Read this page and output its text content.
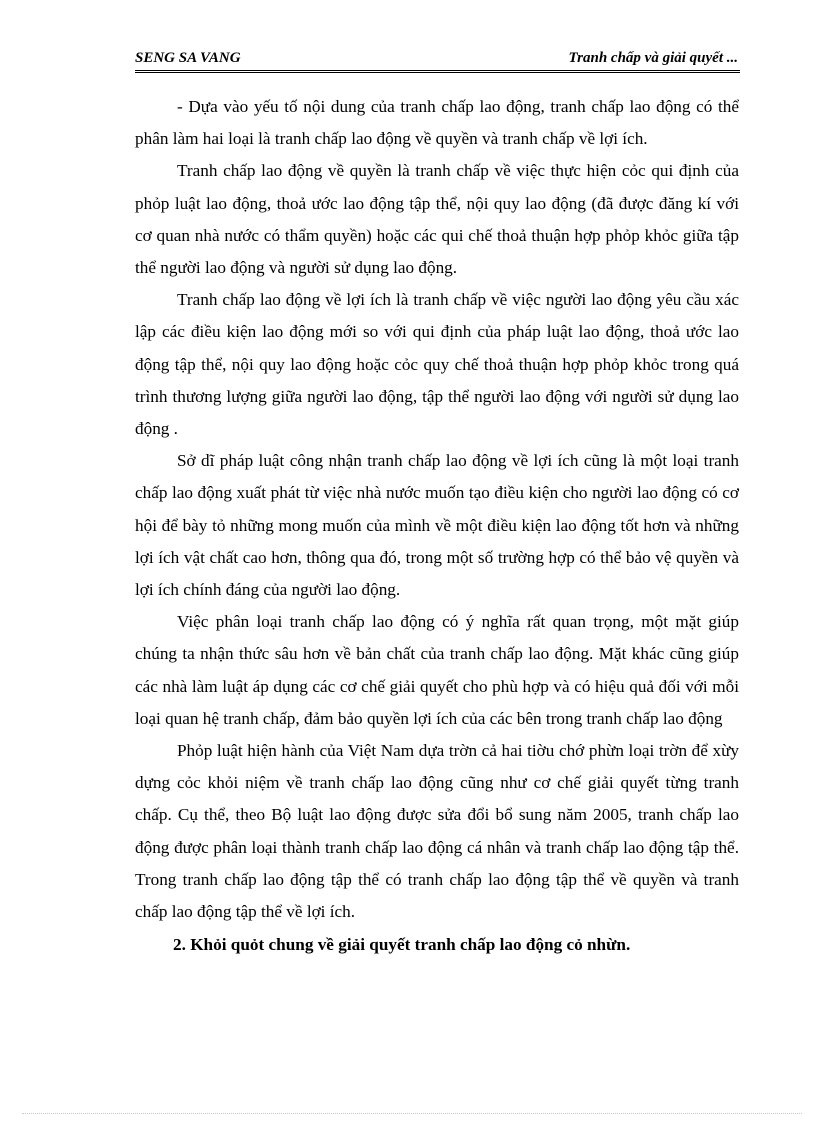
SENG SA VANG	Tranh chấp và giải quyết ...

- Dựa vào yếu tố nội dung của tranh chấp lao động, tranh chấp lao động có thể phân làm hai loại là tranh chấp lao động về quyền và tranh chấp về lợi ích.

Tranh chấp lao động về quyền là tranh chấp về việc thực hiện cỏc qui định của phỏp luật lao động, thoả ước lao động tập thể, nội quy lao động (đã được đăng kí với cơ quan nhà nước có thẩm quyền) hoặc các qui chế thoả thuận hợp phỏp khỏc giữa tập thể người lao động và người sử dụng lao động.

Tranh chấp lao động về lợi ích là tranh chấp về việc người lao động yêu cầu xác lập các điều kiện lao động mới so với qui định của pháp luật lao động, thoả ước lao động tập thể, nội quy lao động hoặc cỏc quy chế thoả thuận hợp phỏp khỏc trong quá trình thương lượng giữa người lao động, tập thể người lao động với người sử dụng lao động .

Sở dĩ pháp luật công nhận tranh chấp lao động về lợi ích cũng là một loại tranh chấp lao động xuất phát từ việc nhà nước muốn tạo điều kiện cho người lao động có cơ hội để bày tỏ những mong muốn của mình về một điều kiện lao động tốt hơn và những lợi ích vật chất cao hơn, thông qua đó, trong một số trường hợp có thể bảo vệ quyền và lợi ích chính đáng của người lao động.

Việc phân loại tranh chấp lao động có ý nghĩa rất quan trọng, một mặt giúp chúng ta nhận thức sâu hơn về bản chất của tranh chấp lao động. Mặt khác cũng giúp các nhà làm luật áp dụng các cơ chế giải quyết cho phù hợp và có hiệu quả đối với mỗi loại quan hệ tranh chấp, đảm bảo quyền lợi ích của các bên trong tranh chấp lao động

Phỏp luật hiện hành của Việt Nam dựa trờn cả hai tiờu chớ phừn loại trờn để xừy dựng cỏc khỏi niệm về tranh chấp lao động cũng như cơ chế giải quyết từng tranh chấp. Cụ thể, theo Bộ luật lao động được sửa đổi bổ sung năm 2005, tranh chấp lao động được phân loại thành tranh chấp lao động cá nhân và tranh chấp lao động tập thể. Trong tranh chấp lao động tập thể có tranh chấp lao động tập thể về quyền và tranh chấp lao động tập thể về lợi ích.

2. Khỏi quỏt chung về giải quyết tranh chấp lao động cỏ nhừn.
